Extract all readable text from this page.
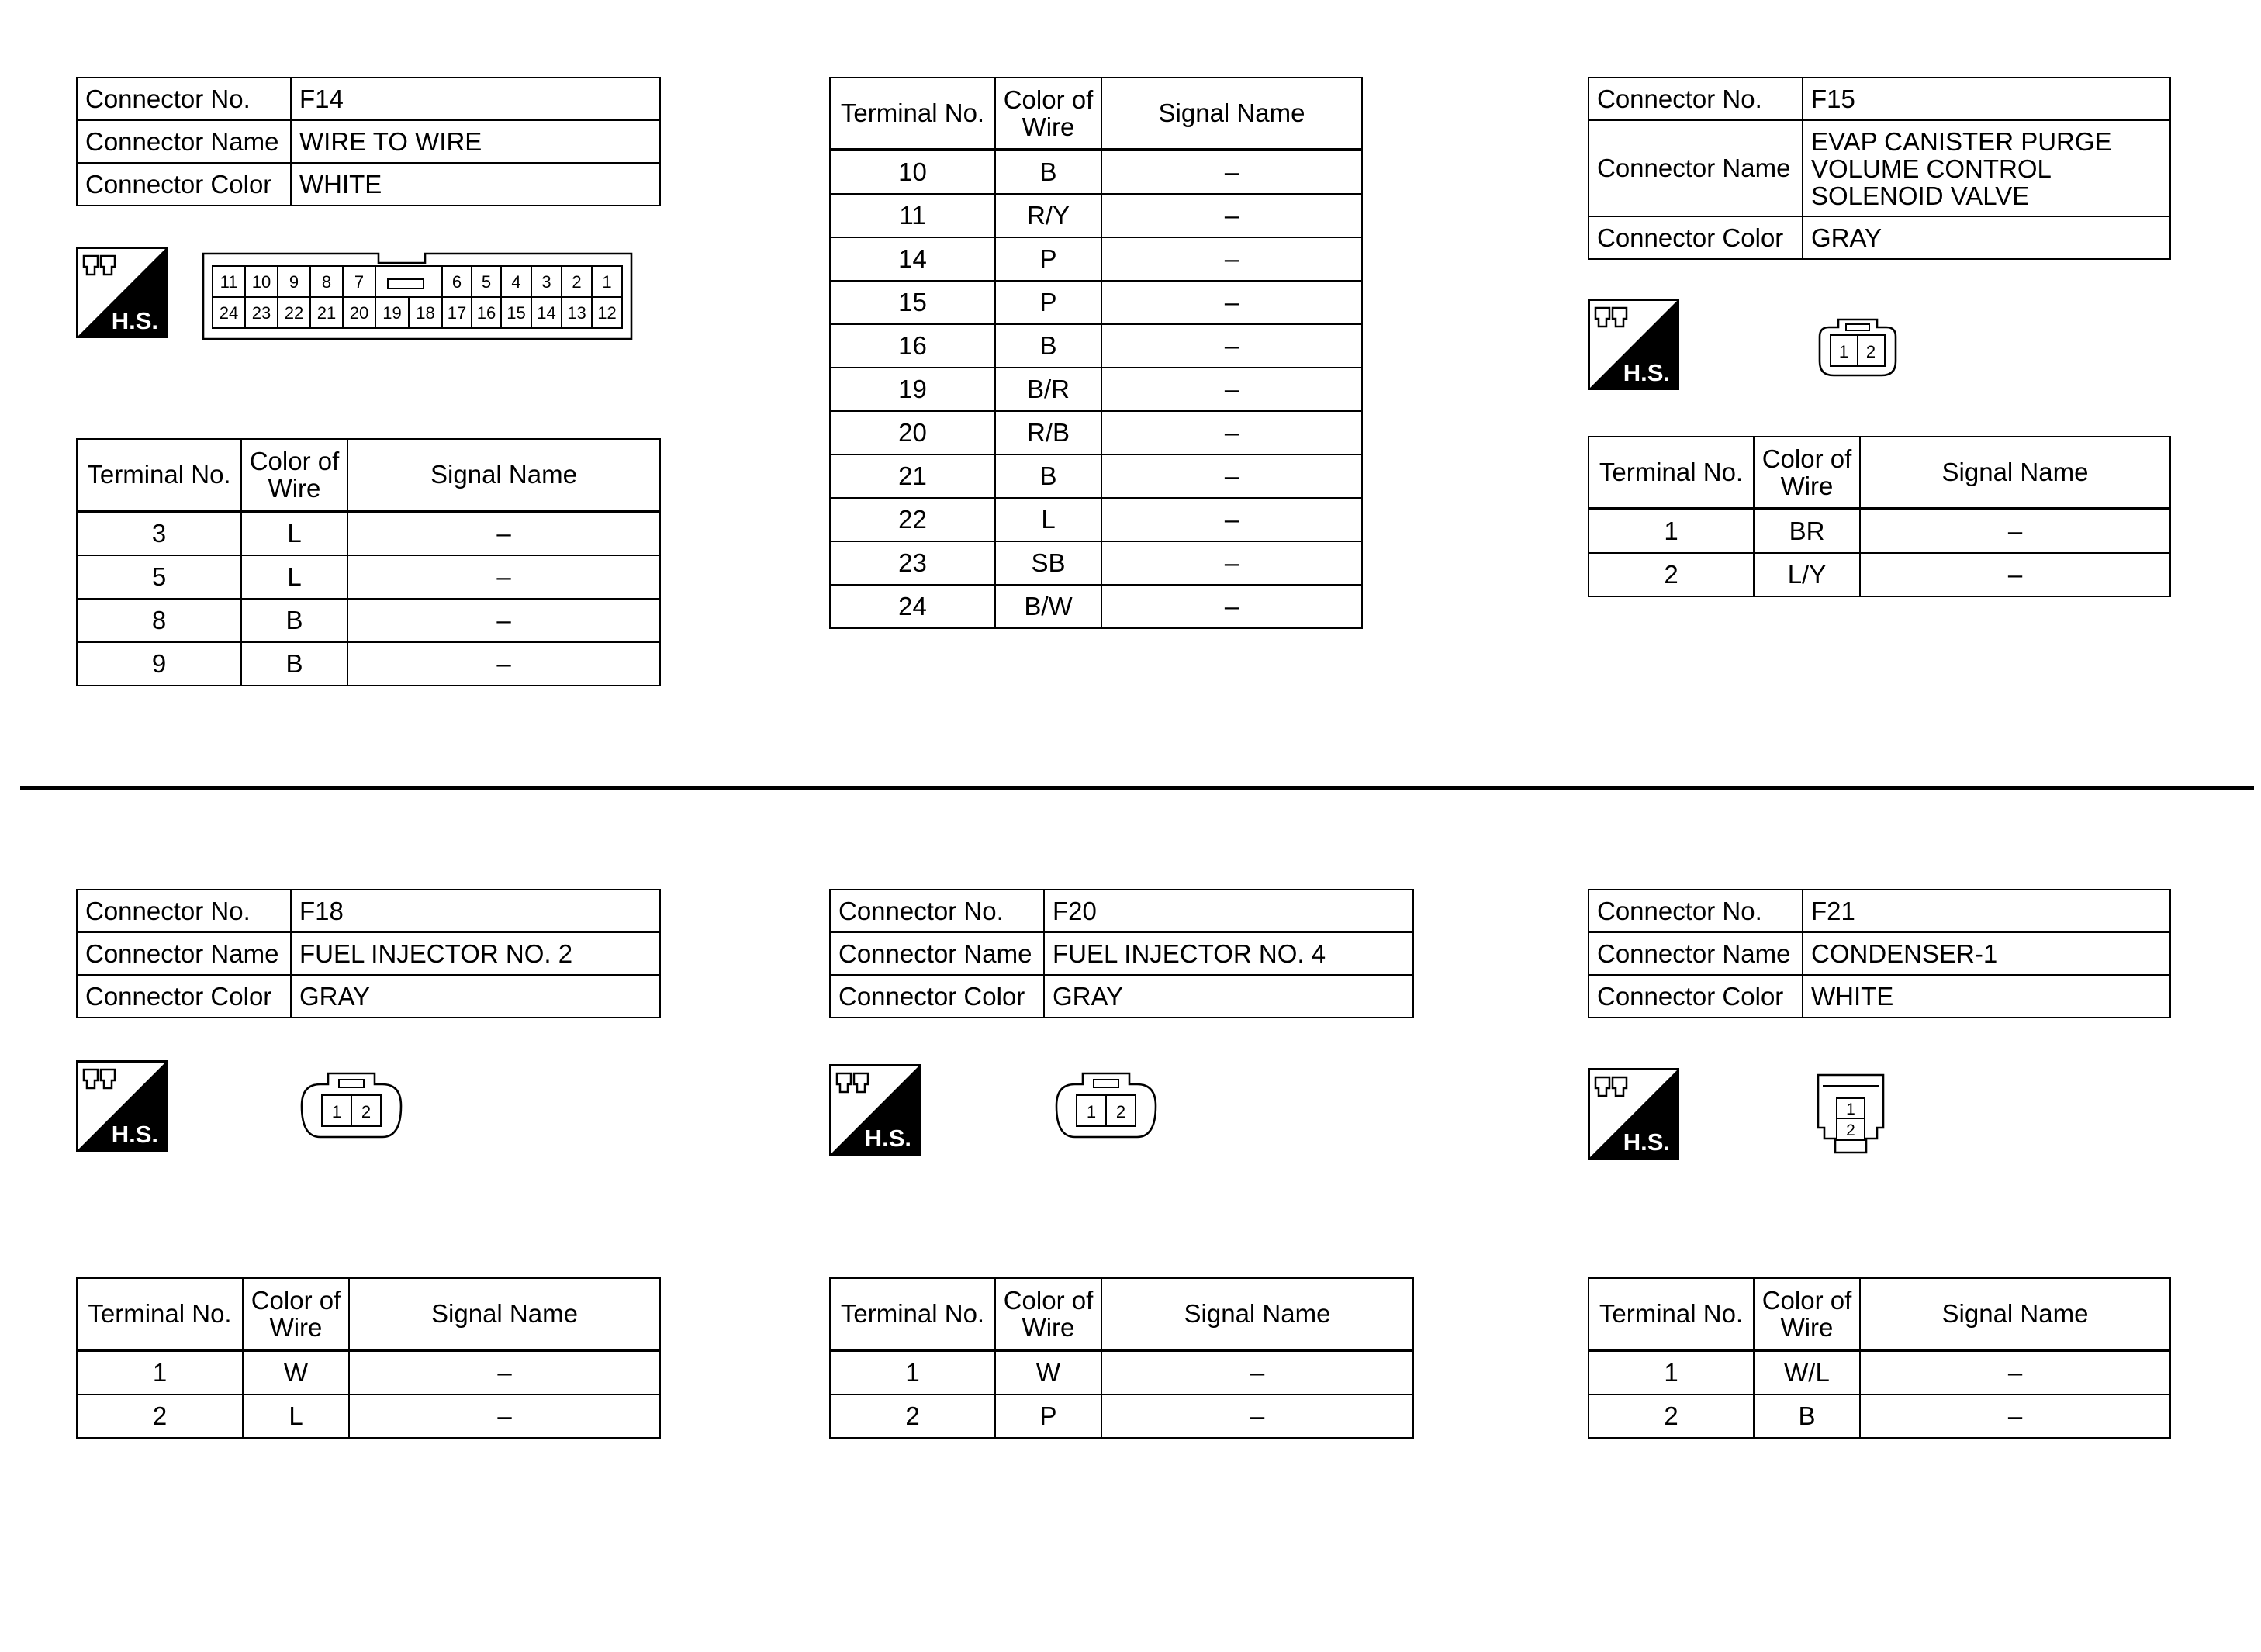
Connector No.	F14
Connector Name	WIRE TO WIRE
Connector Color	WHITE
H.S.
11 10 9 8 7	6 5 4 3 2 1
24 23 22 21 20 19 18 17 16 15 14 13 12
Terminal No.	Color of Wire	Signal Name
3	L	–
5	L	–
8	B	–
9	B	–
Terminal No.	Color of Wire	Signal Name
10	B	–
11	R/Y	–
14	P	–
15	P	–
16	B	–
19	B/R	–
20	R/B	–
21	B	–
22	L	–
23	SB	–
24	B/W	–
Connector No.	F15
Connector Name	EVAP CANISTER PURGE VOLUME CONTROL SOLENOID VALVE
Connector Color	GRAY
H.S.
1 2
Terminal No.	Color of Wire	Signal Name
1	BR	–
2	L/Y	–
Connector No.	F18
Connector Name	FUEL INJECTOR NO. 2
Connector Color	GRAY
H.S.
1 2
Terminal No.	Color of Wire	Signal Name
1	W	–
2	L	–
Connector No.	F20
Connector Name	FUEL INJECTOR NO. 4
Connector Color	GRAY
H.S.
1 2
Terminal No.	Color of Wire	Signal Name
1	W	–
2	P	–
Connector No.	F21
Connector Name	CONDENSER-1
Connector Color	WHITE
H.S.
1
2
Terminal No.	Color of Wire	Signal Name
1	W/L	–
2	B	–
